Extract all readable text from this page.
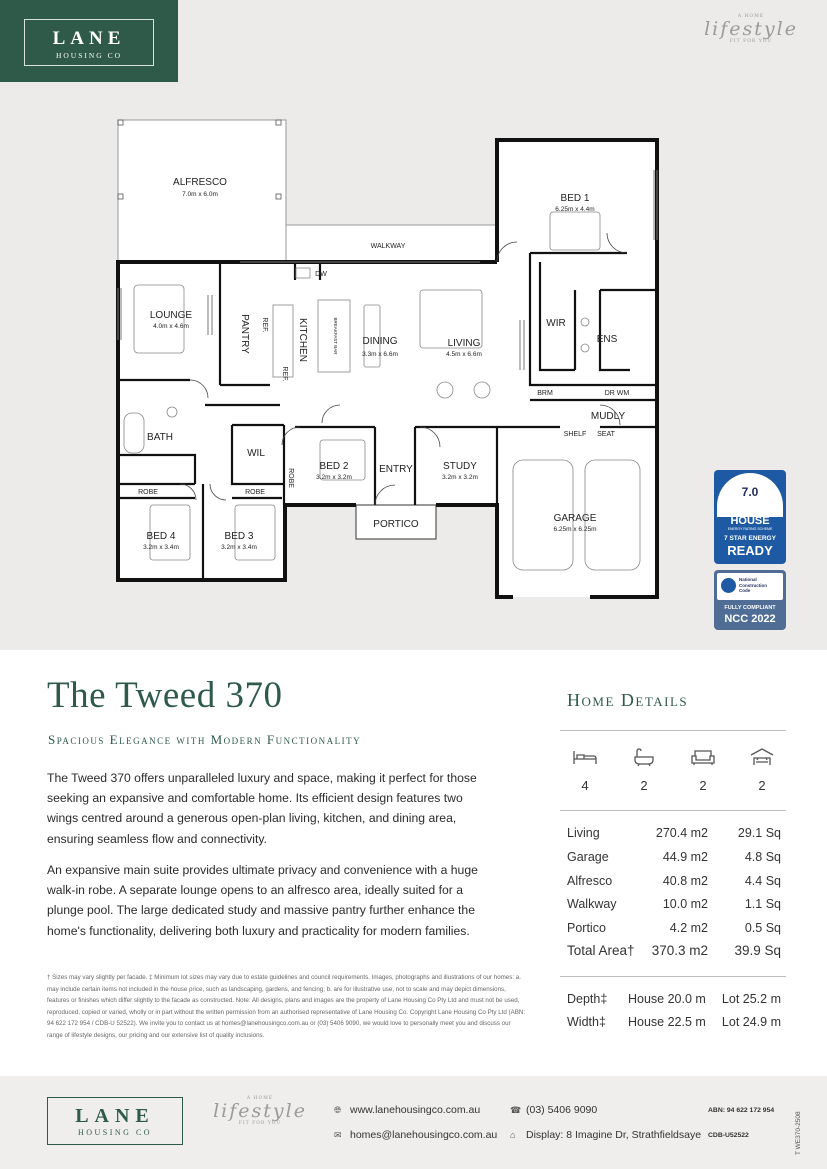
LANE
HOUSING CO
A HOME
lifestyle
FIT FOR YOU
ALFRESCO
7.0m x 6.0m	BED 1
6.25m x 4.4m
LOUNGE
4.0m x 4.6m
DINING
3.3m x 6.6m
LIVING
4.5m x 6.6m
BED 2
3.2m x 3.2m
STUDY
3.2m x 3.2m
GARAGE
6.25m x 6.25m
BED 4
3.2m x 3.4m
BED 3
3.2m x 3.4m
WALKWAY
DW
PANTRY	KITCHEN
REF.
REF.
BREAKFAST BAR	WIR
ENS
BRM	DR WM
MUDLY
SHELF SEAT
BATH
WIL
ROBE	ROBE
ROBE	ENTRY
PORTICO
7.0
NATIONWIDE
HOUSE
ENERGY RATING SCHEME
7 STAR ENERGY
READY
National
Construction
Code
FULLY COMPLIANT
NCC 2022
The Tweed 370
Spacious Elegance with Modern Functionality

The Tweed 370 offers unparalleled luxury and space, making it perfect for those seeking an expansive and comfortable home. Its efficient design features two wings centred around a generous open-plan living, kitchen, and dining area, ensuring seamless flow and connectivity.

An expansive main suite provides ultimate privacy and convenience with a huge walk-in robe. A separate lounge opens to an alfresco area, ideally suited for a plunge pool. The large dedicated study and massive pantry further enhance the home's functionality, delivering both luxury and practicality for modern families.

† Sizes may vary slightly per facade. ‡ Minimum lot sizes may vary due to estate guidelines and council requirements. Images, photographs and illustrations of our homes: a. may include certain items not included in the house price, such as landscaping, gardens, and fencing; b. are for illustrative use, not to scale and may depict dimensions, features or finishes which differ slightly to the facade as constructed. Note: All designs, plans and images are the property of Lane Housing Co Pty Ltd and must not be used, reproduced, copied or varied, wholly or in part without the written permission from an authorised representative of Lane Housing Co. Copyright Lane Housing Co Pty Ltd (ABN: 94 622 172 954 / CDB-U 52522). We invite you to contact us at homes@lanehousingco.com.au or (03) 5406 9090, we would love to personally meet you and discuss our range of lifestyle designs, our pricing and our extensive list of quality inclusions.

Home Details
4	2	2	2
Living	270.4 m2 29.1 Sq
Garage	44.9 m2	4.8 Sq
Alfresco	40.8 m2	4.4 Sq
Walkway	10.0 m2	1.1 Sq
Portico	4.2 m2	0.5 Sq
Total Area† 370.3 m2 39.9 Sq
Depth‡ House 20.0 m Lot 25.2 m
Width‡ House 22.5 m Lot 24.9 m
LANE
HOUSING CO
A HOME
lifestyle
FIT FOR YOU
🌐︎ www.lanehousingco.com.au
✉ homes@lanehousingco.com.au
☎ (03) 5406 9090
⌂ Display: 8 Imagine Dr, Strathfieldsaye
ABN: 94 622 172 954
CDB-U52522	T WE370-2508
